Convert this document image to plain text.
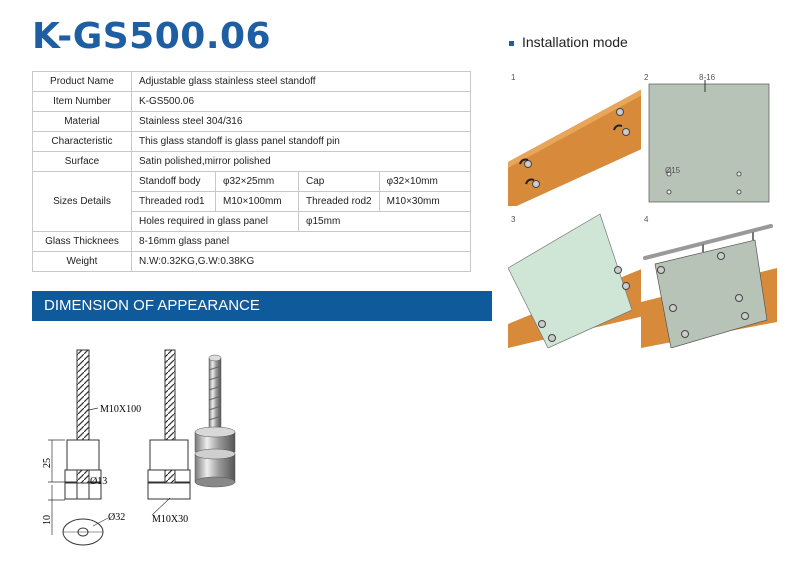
K-GS500.06
Product Name	Adjustable glass stainless steel standoff			
Item Number	K-GS500.06			
Material	Stainless steel 304/316			
Characteristic	This glass standoff is glass panel standoff pin			
Surface	Satin polished,mirror polished			
Sizes Details	Standoff body	φ32×25mm	Cap	φ32×10mm
	Threaded rod1	M10×100mm	Threaded rod2	M10×30mm
	Holes required in glass panel		φ15mm	
Glass Thicknees	8-16mm glass panel			
Weight	N.W:0.32KG,G.W:0.38KG			
DIMENSION OF APPEARANCE
M10X100
25
10
Ø13
Ø32	M10X30
Installation mode
1	2	8-16
Ø15
3	4
